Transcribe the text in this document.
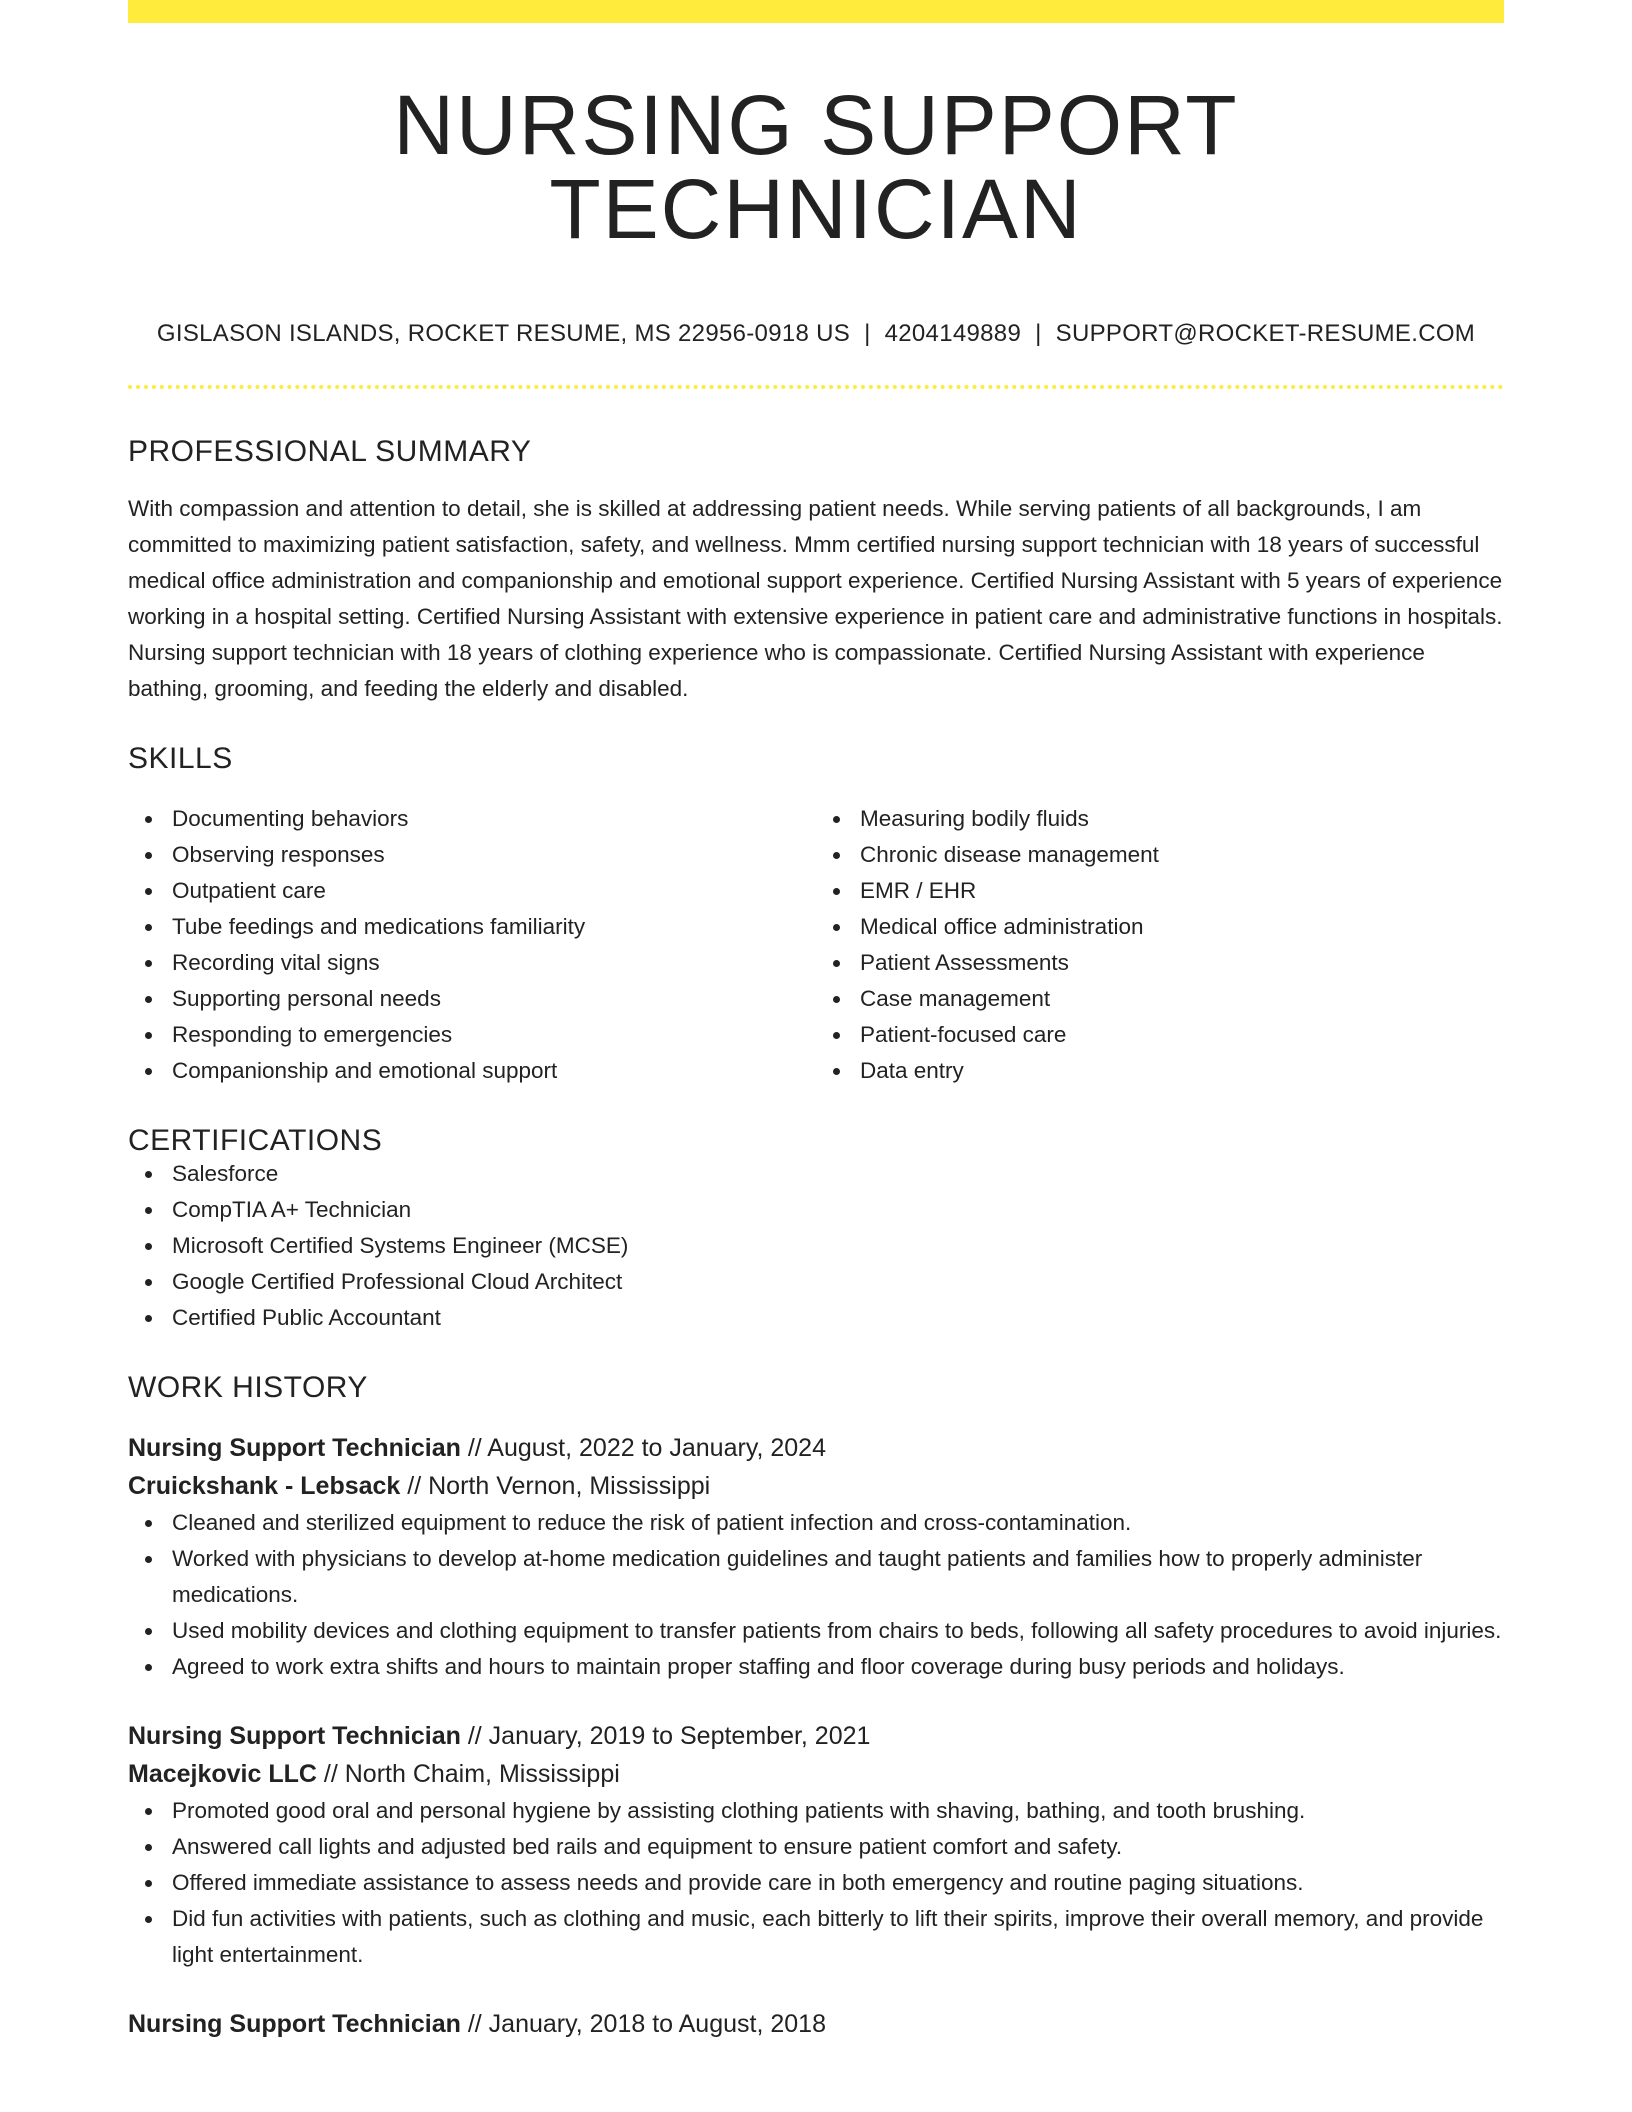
NURSING SUPPORT TECHNICIAN
GISLASON ISLANDS, ROCKET RESUME, MS 22956-0918 US | 4204149889 | SUPPORT@ROCKET-RESUME.COM
PROFESSIONAL SUMMARY

With compassion and attention to detail, she is skilled at addressing patient needs. While serving patients of all backgrounds, I am committed to maximizing patient satisfaction, safety, and wellness. Mmm certified nursing support technician with 18 years of successful medical office administration and companionship and emotional support experience. Certified Nursing Assistant with 5 years of experience working in a hospital setting. Certified Nursing Assistant with extensive experience in patient care and administrative functions in hospitals. Nursing support technician with 18 years of clothing experience who is compassionate. Certified Nursing Assistant with experience bathing, grooming, and feeding the elderly and disabled.

SKILLS
Documenting behaviors
Observing responses
Outpatient care
Tube feedings and medications familiarity
Recording vital signs
Supporting personal needs
Responding to emergencies
Companionship and emotional support
Measuring bodily fluids
Chronic disease management
EMR / EHR
Medical office administration
Patient Assessments
Case management
Patient-focused care
Data entry
CERTIFICATIONS
Salesforce
CompTIA A+ Technician
Microsoft Certified Systems Engineer (MCSE)
Google Certified Professional Cloud Architect
Certified Public Accountant
WORK HISTORY
Nursing Support Technician // August, 2022 to January, 2024
Cruickshank - Lebsack // North Vernon, Mississippi
Cleaned and sterilized equipment to reduce the risk of patient infection and cross-contamination.
Worked with physicians to develop at-home medication guidelines and taught patients and families how to properly administer medications.
Used mobility devices and clothing equipment to transfer patients from chairs to beds, following all safety procedures to avoid injuries.
Agreed to work extra shifts and hours to maintain proper staffing and floor coverage during busy periods and holidays.
Nursing Support Technician // January, 2019 to September, 2021
Macejkovic LLC // North Chaim, Mississippi
Promoted good oral and personal hygiene by assisting clothing patients with shaving, bathing, and tooth brushing.
Answered call lights and adjusted bed rails and equipment to ensure patient comfort and safety.
Offered immediate assistance to assess needs and provide care in both emergency and routine paging situations.
Did fun activities with patients, such as clothing and music, each bitterly to lift their spirits, improve their overall memory, and provide light entertainment.
Nursing Support Technician // January, 2018 to August, 2018
